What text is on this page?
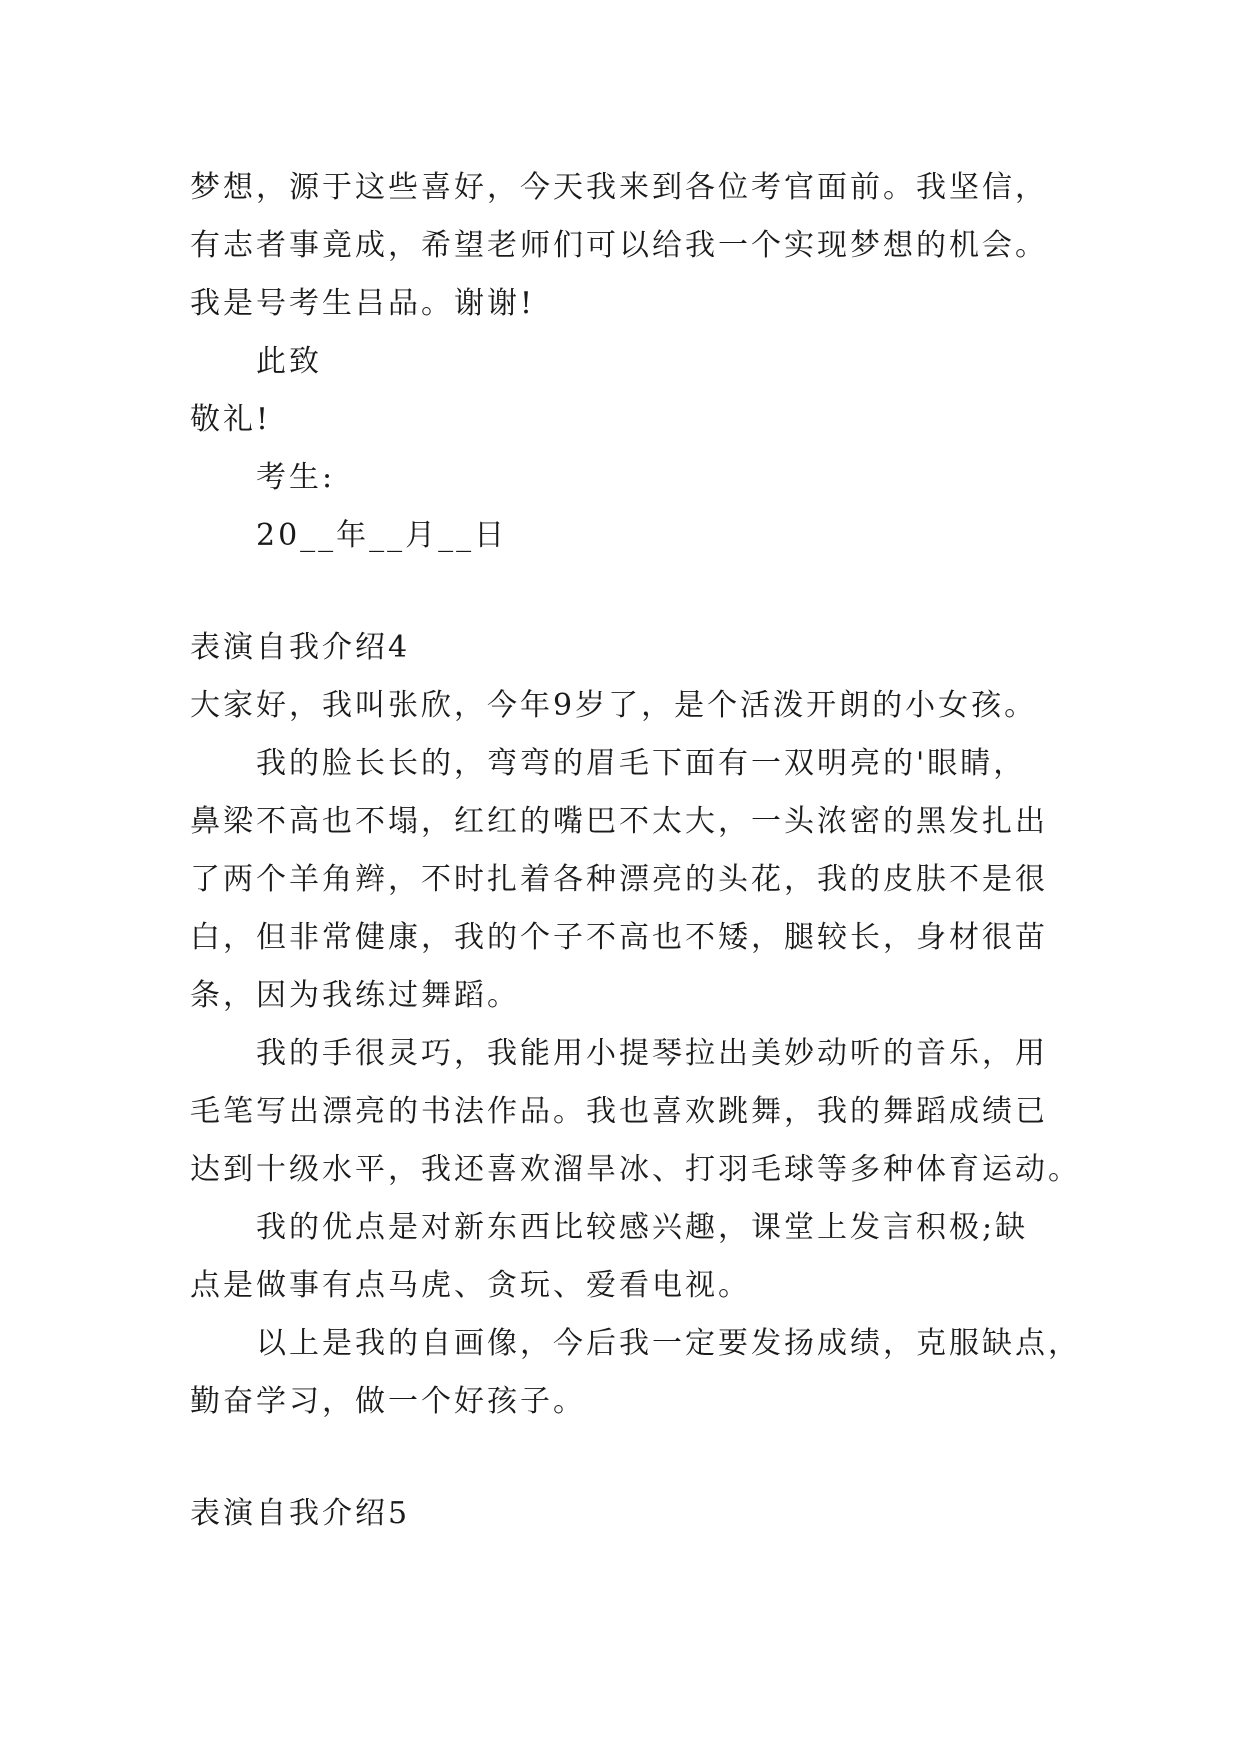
梦想，源于这些喜好，今天我来到各位考官面前。我坚信，
有志者事竟成，希望老师们可以给我一个实现梦想的机会。
我是号考生吕品。谢谢!
此致
敬礼!
考生:
20__年__月__日
表演自我介绍4
大家好，我叫张欣，今年9岁了，是个活泼开朗的小女孩。
我的脸长长的，弯弯的眉毛下面有一双明亮的'眼睛，
鼻梁不高也不塌，红红的嘴巴不太大，一头浓密的黑发扎出
了两个羊角辫，不时扎着各种漂亮的头花，我的皮肤不是很
白，但非常健康，我的个子不高也不矮，腿较长，身材很苗
条，因为我练过舞蹈。
我的手很灵巧，我能用小提琴拉出美妙动听的音乐，用
毛笔写出漂亮的书法作品。我也喜欢跳舞，我的舞蹈成绩已
达到十级水平，我还喜欢溜旱冰、打羽毛球等多种体育运动。
我的优点是对新东西比较感兴趣，课堂上发言积极;缺
点是做事有点马虎、贪玩、爱看电视。
以上是我的自画像，今后我一定要发扬成绩，克服缺点，
勤奋学习，做一个好孩子。
表演自我介绍5
